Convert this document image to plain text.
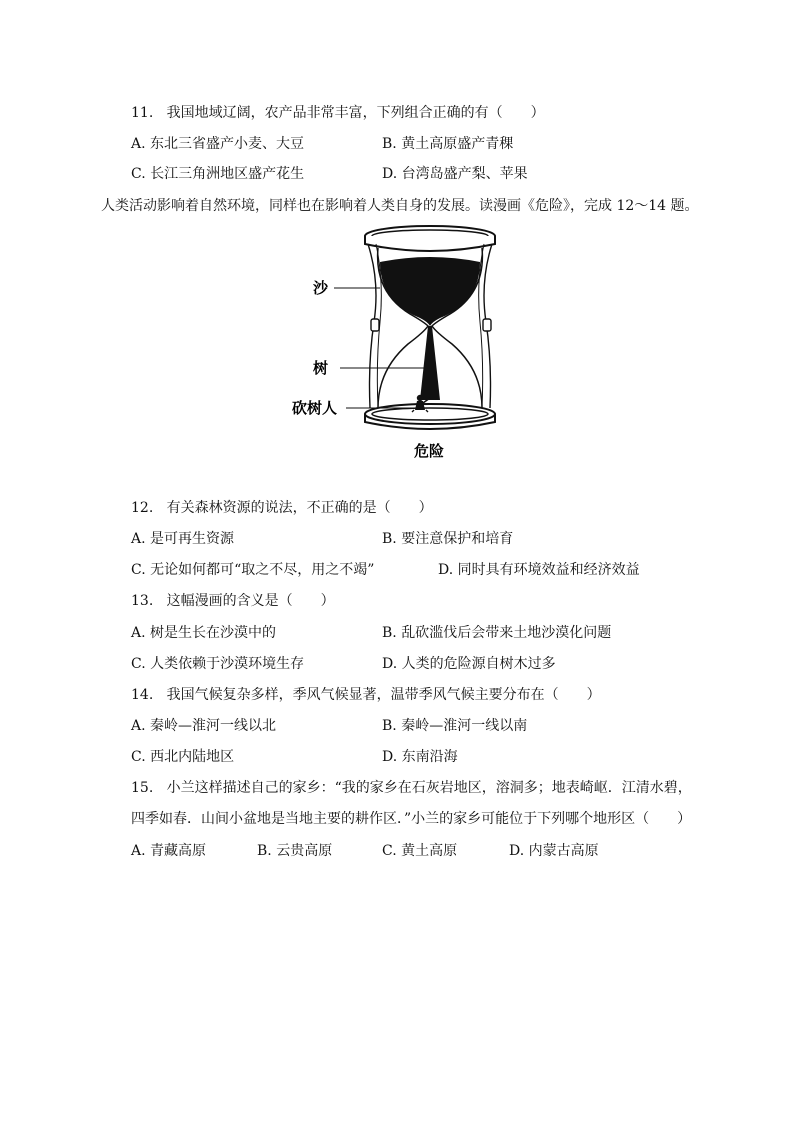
11. 我国地域辽阔，农产品非常丰富，下列组合正确的有（　　）
A. 东北三省盛产小麦、大豆	B. 黄土高原盛产青稞
C. 长江三角洲地区盛产花生	D. 台湾岛盛产梨、苹果
人类活动影响着自然环境，同样也在影响着人类自身的发展。读漫画《危险》，完成 12～14 题。
沙
树
砍树人
危险
12. 有关森林资源的说法，不正确的是（　　）
A. 是可再生资源	B. 要注意保护和培育
C. 无论如何都可“取之不尽，用之不竭”	D. 同时具有环境效益和经济效益
13. 这幅漫画的含义是（　　）
A. 树是生长在沙漠中的	B. 乱砍滥伐后会带来土地沙漠化问题
C. 人类依赖于沙漠环境生存	D. 人类的危险源自树木过多
14. 我国气候复杂多样，季风气候显著，温带季风气候主要分布在（　　）
A. 秦岭—淮河一线以北	B. 秦岭—淮河一线以南
C. 西北内陆地区	D. 东南沿海
15. 小兰这样描述自己的家乡：“我的家乡在石灰岩地区，溶洞多；地表崎岖．江清水碧，
四季如春．山间小盆地是当地主要的耕作区．”小兰的家乡可能位于下列哪个地形区（　　）
A. 青藏高原	B. 云贵高原	C. 黄土高原	D. 内蒙古高原
